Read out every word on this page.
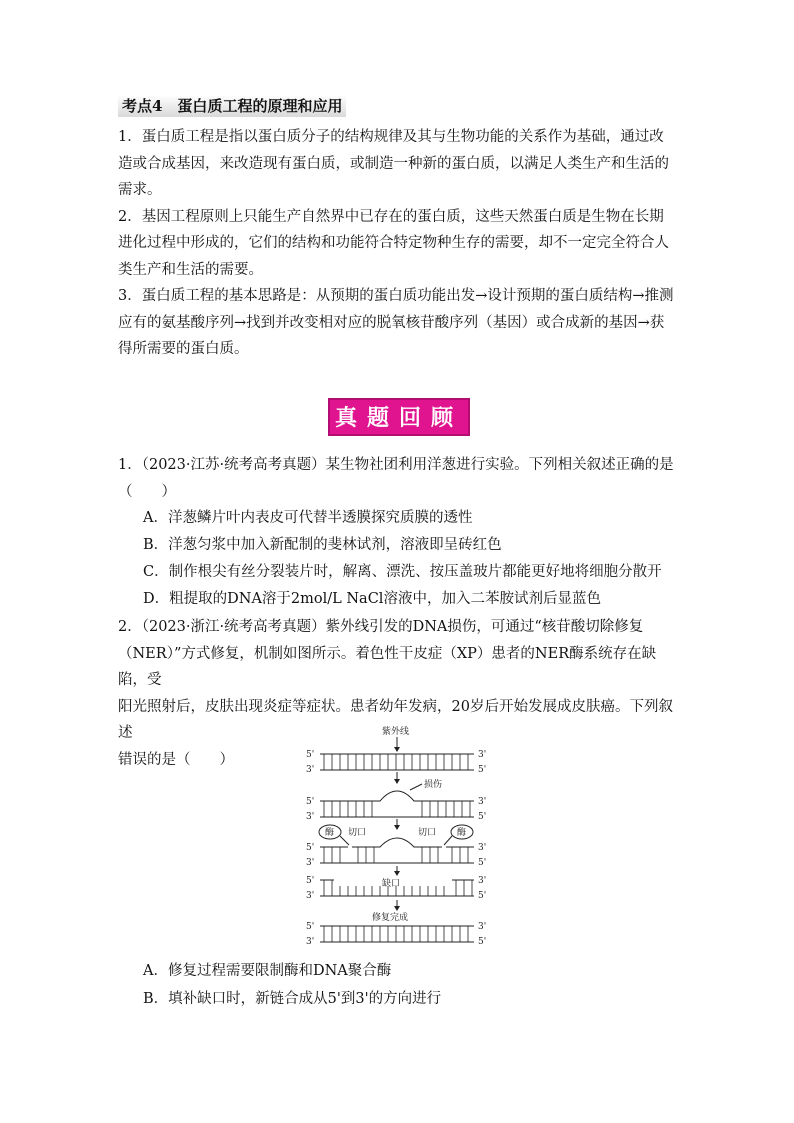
考点4　蛋白质工程的原理和应用

1．蛋白质工程是指以蛋白质分子的结构规律及其与生物功能的关系作为基础，通过改造或合成基因，来改造现有蛋白质，或制造一种新的蛋白质，以满足人类生产和生活的需求。

2．基因工程原则上只能生产自然界中已存在的蛋白质，这些天然蛋白质是生物在长期进化过程中形成的，它们的结构和功能符合特定物种生存的需要，却不一定完全符合人类生产和生活的需要。

3．蛋白质工程的基本思路是：从预期的蛋白质功能出发→设计预期的蛋白质结构→推测应有的氨基酸序列→找到并改变相对应的脱氧核苷酸序列（基因）或合成新的基因→获得所需要的蛋白质。

真题回顾
1．（2023·江苏·统考高考真题）某生物社团利用洋葱进行实验。下列相关叙述正确的是
（　　）
A．洋葱鳞片叶内表皮可代替半透膜探究质膜的透性
B．洋葱匀浆中加入新配制的斐林试剂，溶液即呈砖红色
C．制作根尖有丝分裂装片时，解离、漂洗、按压盖玻片都能更好地将细胞分散开
D．粗提取的DNA溶于2mol/L NaCl溶液中，加入二苯胺试剂后显蓝色
2．（2023·浙江·统考高考真题）紫外线引发的DNA损伤，可通过“核苷酸切除修复
（NER）”方式修复，机制如图所示。着色性干皮症（XP）患者的NER酶系统存在缺陷，受
阳光照射后，皮肤出现炎症等症状。患者幼年发病，20岁后开始发展成皮肤癌。下列叙述
错误的是（　　）
紫外线
5'	3'
3'	5'
5'	3'
3'	5'
损伤
酶	酶
切口	切口
5'	3'
3'	5'
5'	3'
3'	5'
缺口
修复完成
5'	3'
3'	5'
A．修复过程需要限制酶和DNA聚合酶
B．填补缺口时，新链合成从5'到3'的方向进行
